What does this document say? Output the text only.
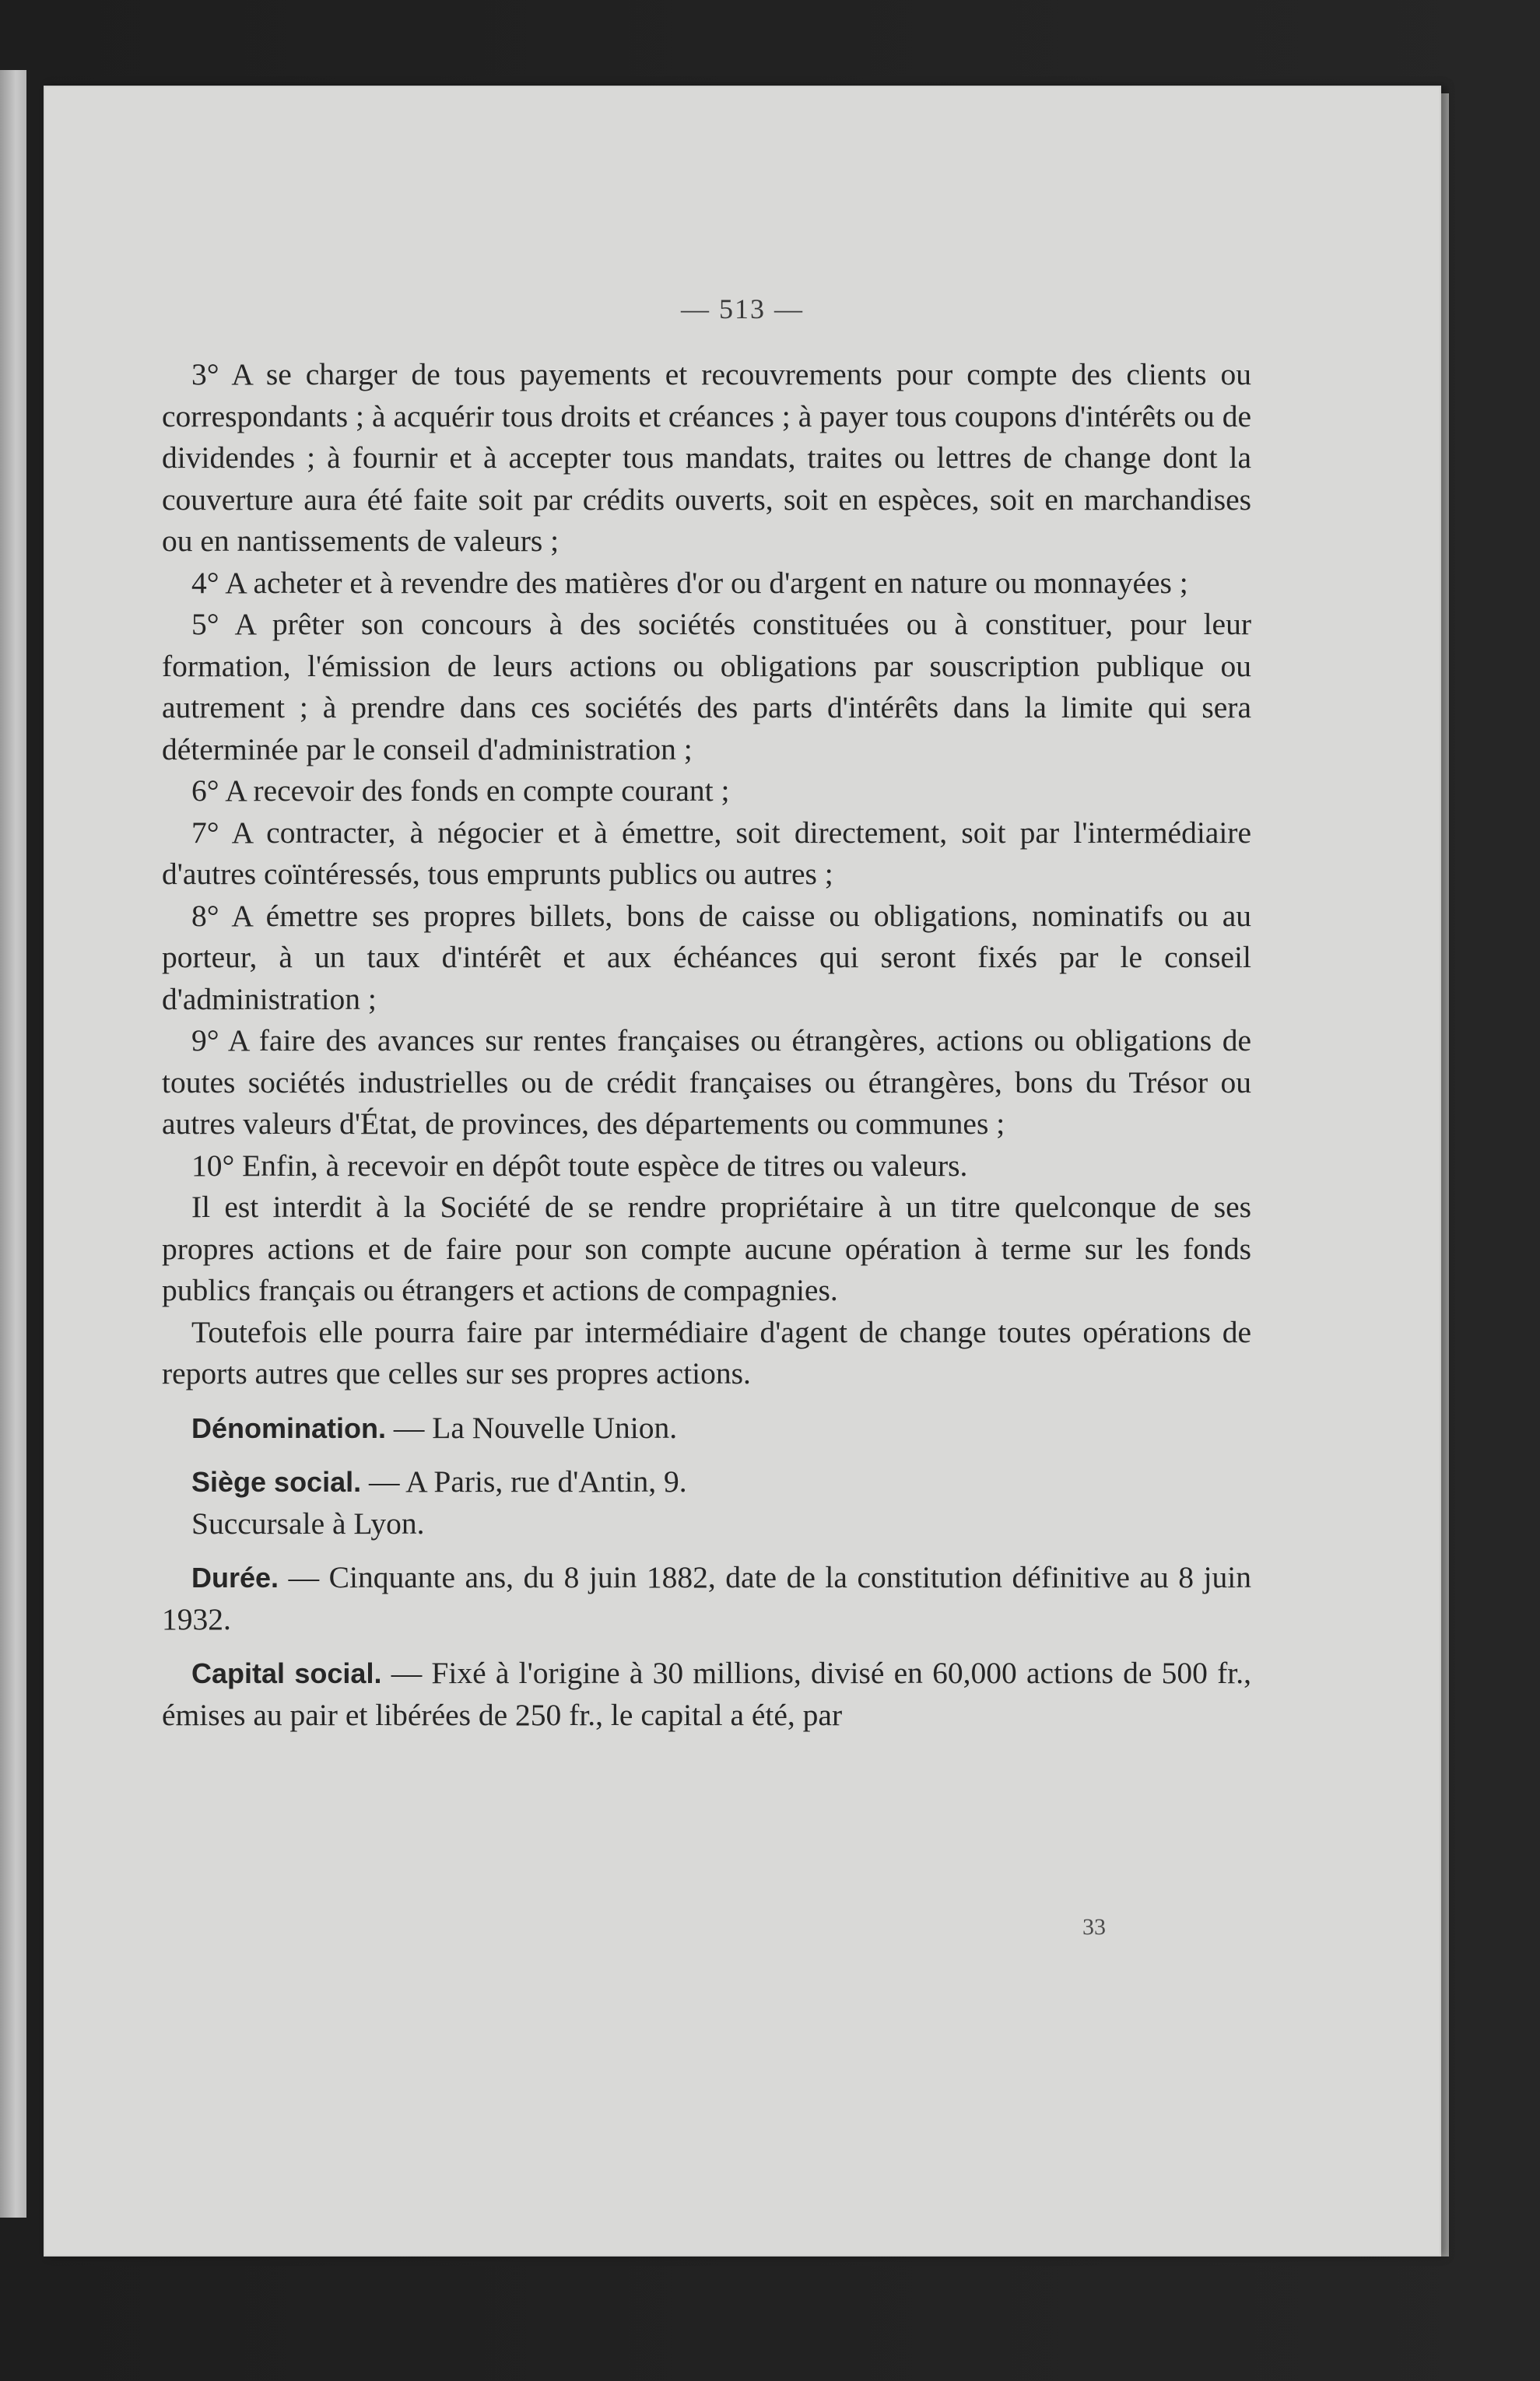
— 513 —

3° A se charger de tous payements et recouvrements pour compte des clients ou correspondants ; à acquérir tous droits et créances ; à payer tous coupons d'intérêts ou de dividendes ; à fournir et à accepter tous mandats, traites ou lettres de change dont la couverture aura été faite soit par crédits ouverts, soit en espèces, soit en marchandises ou en nantissements de valeurs ;

4° A acheter et à revendre des matières d'or ou d'argent en nature ou monnayées ;

5° A prêter son concours à des sociétés constituées ou à constituer, pour leur formation, l'émission de leurs actions ou obligations par souscription publique ou autrement ; à prendre dans ces sociétés des parts d'intérêts dans la limite qui sera déterminée par le conseil d'administration ;

6° A recevoir des fonds en compte courant ;

7° A contracter, à négocier et à émettre, soit directement, soit par l'intermédiaire d'autres coïntéressés, tous emprunts publics ou autres ;

8° A émettre ses propres billets, bons de caisse ou obligations, nominatifs ou au porteur, à un taux d'intérêt et aux échéances qui seront fixés par le conseil d'administration ;

9° A faire des avances sur rentes françaises ou étrangères, actions ou obligations de toutes sociétés industrielles ou de crédit françaises ou étrangères, bons du Trésor ou autres valeurs d'État, de provinces, des départements ou communes ;

10° Enfin, à recevoir en dépôt toute espèce de titres ou valeurs.

Il est interdit à la Société de se rendre propriétaire à un titre quelconque de ses propres actions et de faire pour son compte aucune opération à terme sur les fonds publics français ou étrangers et actions de compagnies.

Toutefois elle pourra faire par intermédiaire d'agent de change toutes opérations de reports autres que celles sur ses propres actions.

Dénomination. — La Nouvelle Union.

Siège social. — A Paris, rue d'Antin, 9.

Succursale à Lyon.

Durée. — Cinquante ans, du 8 juin 1882, date de la constitution définitive au 8 juin 1932.

Capital social. — Fixé à l'origine à 30 millions, divisé en 60,000 actions de 500 fr., émises au pair et libérées de 250 fr., le capital a été, par

33
